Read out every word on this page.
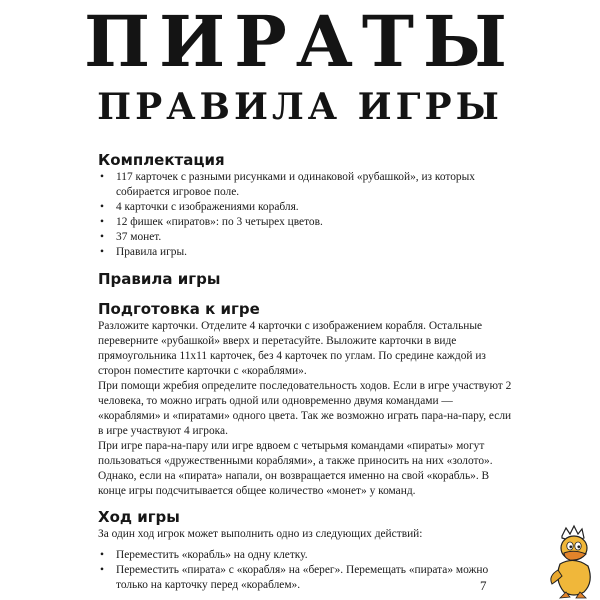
ПИРАТЫ
ПРАВИЛА ИГРЫ
Комплектация
• 117 карточек с разными рисунками и одинаковой «рубашкой», из которых собирается игровое поле.
• 4 карточки с изображениями корабля.
• 12 фишек «пиратов»: по 3 четырех цветов.
• 37 монет.
• Правила игры.
Правила игры
Подготовка к игре

Разложите карточки. Отделите 4 карточки с изображением корабля. Остальные переверните «рубашкой» вверх и перетасуйте. Выложите карточки в виде прямоугольника 11х11 карточек, без 4 карточек по углам. По средине каждой из сторон поместите карточки с «кораблями».

При помощи жребия определите последовательность ходов. Если в игре участвуют 2 человека, то можно играть одной или одновременно двумя командами — «кораблями» и «пиратами» одного цвета. Так же возможно играть пара-на-пару, если в игре участвуют 4 игрока.

При игре пара-на-пару или игре вдвоем с четырьмя командами «пираты» могут пользоваться «дружественными кораблями», а также приносить на них «золото». Однако, если на «пирата» напали, он возвращается именно на свой «корабль». В конце игры подсчитывается общее количество «монет» у команд.

Ход игры

За один ход игрок может выполнить одно из следующих действий:

• Переместить «корабль» на одну клетку.
• Переместить «пирата» с «корабля» на «берег». Перемещать «пирата» можно только на карточку перед «кораблем».	7
